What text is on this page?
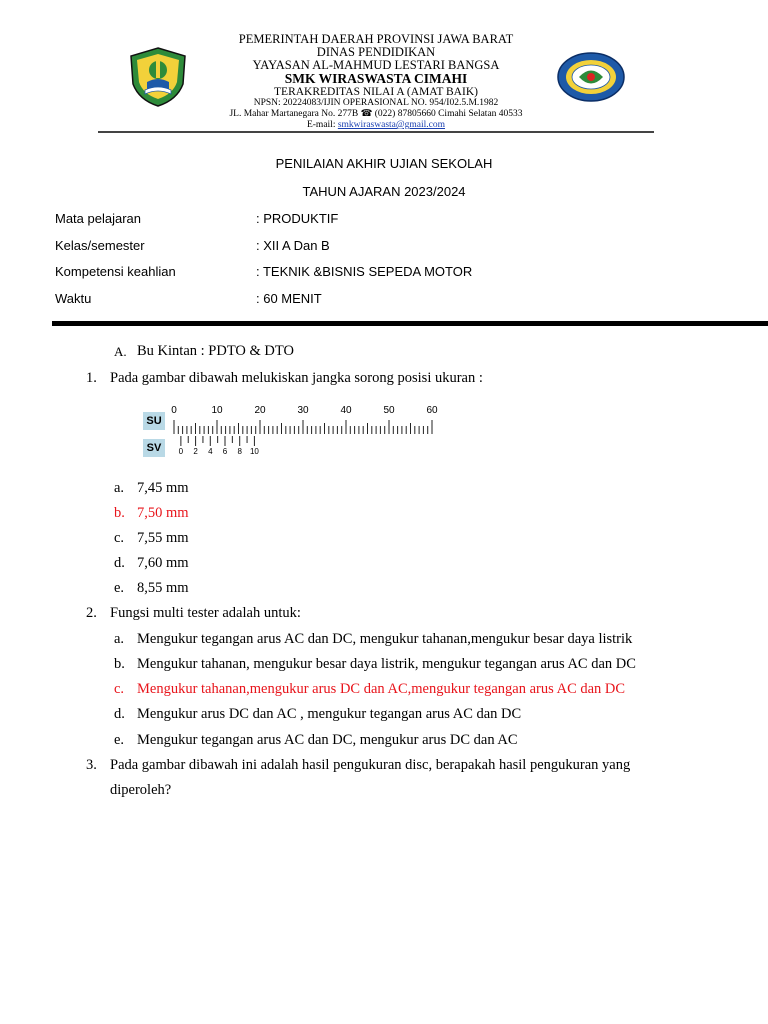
PEMERINTAH DAERAH PROVINSI JAWA BARAT
DINAS PENDIDIKAN
YAYASAN AL-MAHMUD LESTARI BANGSA
SMK WIRASWASTA CIMAHI
TERAKREDITAS NILAI A (AMAT BAIK)
NPSN: 20224083/IJIN OPERASIONAL NO. 954/I02.5.M.1982
JL. Mahar Martanegara No. 277B ☎ (022) 87805660 Cimahi Selatan 40533
E-mail: smkwiraswasta@gmail.com
PENILAIAN AKHIR UJIAN SEKOLAH
TAHUN AJARAN 2023/2024
Mata pelajaran	: PRODUKTIF
Kelas/semester	: XII A Dan B
Kompetensi keahlian	: TEKNIK &BISNIS SEPEDA MOTOR
Waktu	: 60 MENIT
A. Bu Kintan : PDTO & DTO
1. Pada gambar dibawah melukiskan jangka sorong posisi ukuran :
SU
SV
0	10	20	30	40	50	60
0 2 4 6 8 10
a. 7,45 mm
b. 7,50 mm
c. 7,55 mm
d. 7,60 mm
e. 8,55 mm
2. Fungsi multi tester adalah untuk:
a. Mengukur tegangan arus AC dan DC, mengukur tahanan,mengukur besar daya listrik
b. Mengukur tahanan, mengukur besar daya listrik, mengukur tegangan arus AC dan DC
c. Mengukur tahanan,mengukur arus DC dan AC,mengukur tegangan arus AC dan DC
d. Mengukur arus DC dan AC , mengukur tegangan arus AC dan DC
e. Mengukur tegangan arus AC dan DC, mengukur arus DC dan AC
3. Pada gambar dibawah ini adalah hasil pengukuran disc, berapakah hasil pengukuran yang
diperoleh?
